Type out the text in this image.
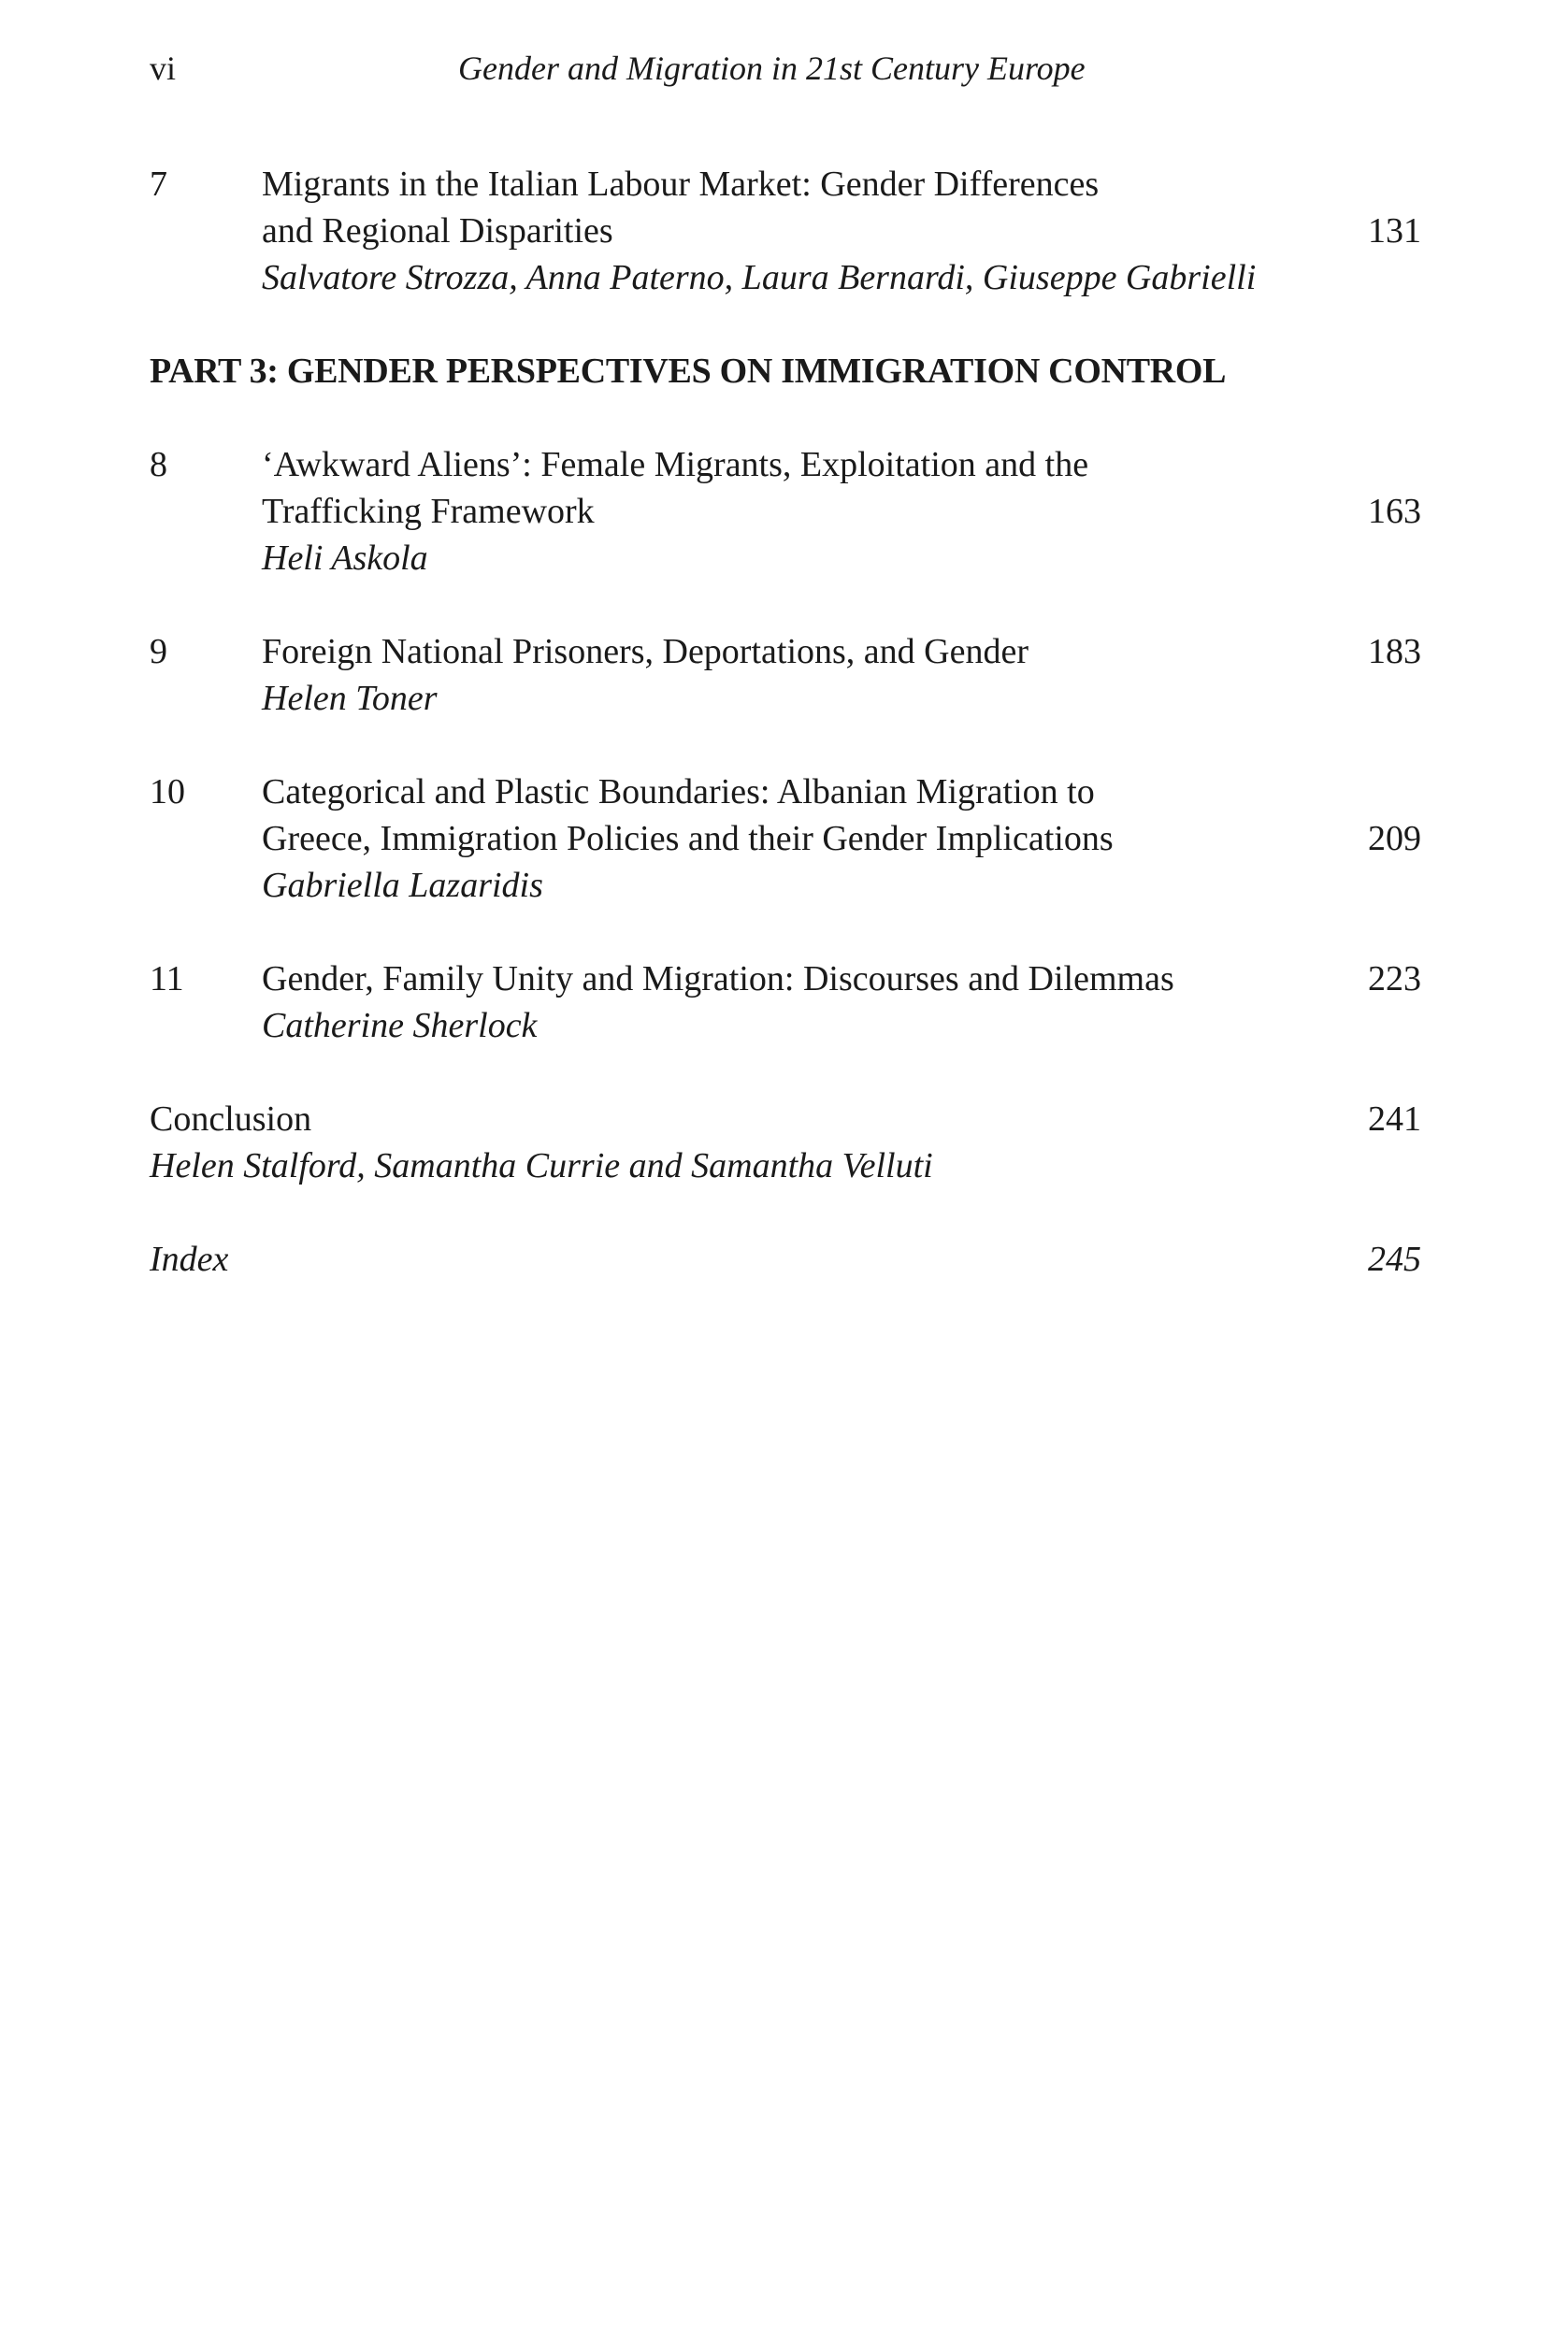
vi	Gender and Migration in 21st Century Europe
7	Migrants in the Italian Labour Market: Gender Differences
and Regional Disparities	131
Salvatore Strozza, Anna Paterno, Laura Bernardi, Giuseppe Gabrielli
PART 3: GENDER PERSPECTIVES ON IMMIGRATION CONTROL
8	‘Awkward Aliens’: Female Migrants, Exploitation and the
Trafficking Framework	163
Heli Askola
9	Foreign National Prisoners, Deportations, and Gender	183
Helen Toner
10	Categorical and Plastic Boundaries: Albanian Migration to
Greece, Immigration Policies and their Gender Implications	209
Gabriella Lazaridis
11	Gender, Family Unity and Migration: Discourses and Dilemmas	223
Catherine Sherlock
Conclusion	241
Helen Stalford, Samantha Currie and Samantha Velluti
Index	245
